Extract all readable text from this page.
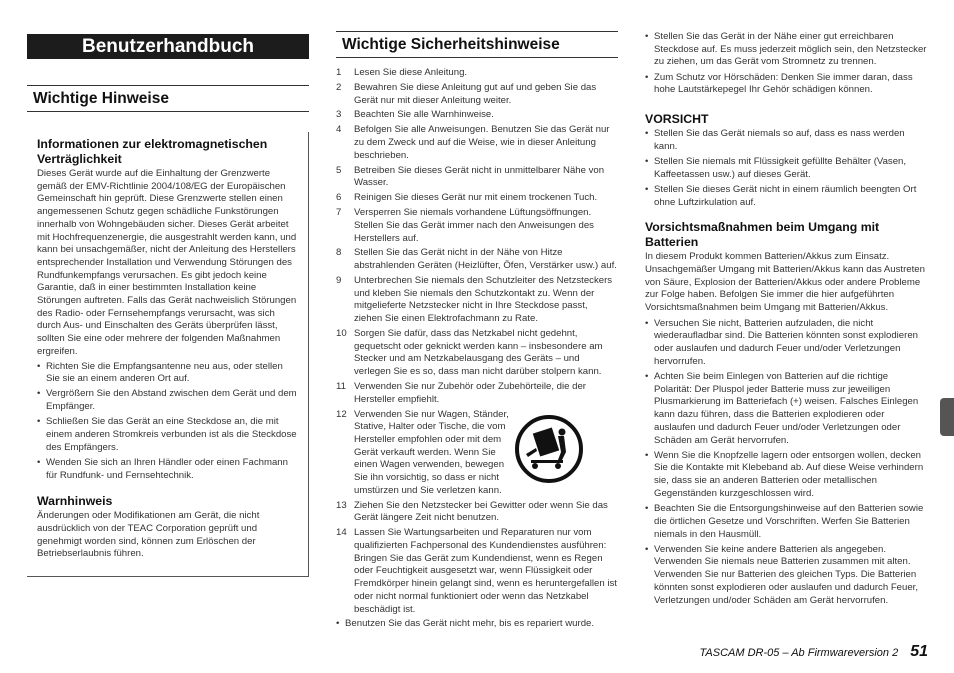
Benutzerhandbuch
Wichtige Hinweise

Informationen zur elektromagnetischen Verträglichkeit

Dieses Gerät wurde auf die Einhaltung der Grenzwerte gemäß der EMV-Richtlinie 2004/108/EG der Europäischen Gemeinschaft hin geprüft. Diese Grenzwerte stellen einen angemessenen Schutz gegen schädliche Funkstörungen innerhalb von Wohngebäuden sicher. Dieses Gerät arbeitet mit Hochfrequenzenergie, die ausgestrahlt werden kann, und kann bei unsachgemäßer, nicht der Anleitung des Herstellers entsprechender Installation und Verwendung Störungen des Rundfunkempfangs verursachen. Es gibt jedoch keine Garantie, daß in einer bestimmten Installation keine Störungen auftreten. Falls das Gerät nachweislich Störungen des Radio- oder Fernsehempfangs verursacht, was sich durch Aus- und Einschalten des Geräts überprüfen lässt, sollten Sie eine oder mehrere der folgenden Maßnahmen ergreifen.

• Richten Sie die Empfangsantenne neu aus, oder stellen Sie sie an einem anderen Ort auf.
• Vergrößern Sie den Abstand zwischen dem Gerät und dem Empfänger.
• Schließen Sie das Gerät an eine Steckdose an, die mit einem anderen Stromkreis verbunden ist als die Steckdose des Empfängers.
• Wenden Sie sich an Ihren Händler oder einen Fachmann für Rundfunk- und Fernsehtechnik.

Warnhinweis

Änderungen oder Modifikationen am Gerät, die nicht ausdrücklich von der TEAC Corporation geprüft und genehmigt worden sind, können zum Erlöschen der Betriebserlaubnis führen.

Wichtige Sicherheitshinweise
1 Lesen Sie diese Anleitung.
2 Bewahren Sie diese Anleitung gut auf und geben Sie das Gerät nur mit dieser Anleitung weiter.
3 Beachten Sie alle Warnhinweise.
4 Befolgen Sie alle Anweisungen. Benutzen Sie das Gerät nur zu dem Zweck und auf die Weise, wie in dieser Anleitung beschrieben.
5 Betreiben Sie dieses Gerät nicht in unmittelbarer Nähe von Wasser.
6 Reinigen Sie dieses Gerät nur mit einem trockenen Tuch.
7 Versperren Sie niemals vorhandene Lüftungsöffnungen. Stellen Sie das Gerät immer nach den Anweisungen des Herstellers auf.
8 Stellen Sie das Gerät nicht in der Nähe von Hitze abstrahlenden Geräten (Heizlüfter, Öfen, Verstärker usw.) auf.
9 Unterbrechen Sie niemals den Schutzleiter des Netzsteckers und kleben Sie niemals den Schutzkontakt zu. Wenn der mitgelieferte Netzstecker nicht in Ihre Steckdose passt, ziehen Sie einen Elektrofachmann zu Rate.
10 Sorgen Sie dafür, dass das Netzkabel nicht gedehnt, gequetscht oder geknickt werden kann – insbesondere am Stecker und am Netzkabelausgang des Geräts – und verlegen Sie es so, dass man nicht darüber stolpern kann.
11 Verwenden Sie nur Zubehör oder Zubehörteile, die der Hersteller empfiehlt.
12 Verwenden Sie nur Wagen, Ständer, Stative, Halter oder Tische, die vom Hersteller empfohlen oder mit dem Gerät verkauft werden. Wenn Sie einen Wagen verwenden, bewegen Sie ihn vorsichtig, so dass er nicht umstürzen und Sie verletzen kann.
13 Ziehen Sie den Netzstecker bei Gewitter oder wenn Sie das Gerät längere Zeit nicht benutzen.
14 Lassen Sie Wartungsarbeiten und Reparaturen nur vom qualifizierten Fachpersonal des Kundendienstes ausführen: Bringen Sie das Gerät zum Kundendienst, wenn es Regen oder Feuchtigkeit ausgesetzt war, wenn Flüssigkeit oder Fremdkörper hinein gelangt sind, wenn es heruntergefallen ist oder nicht normal funktioniert oder wenn das Netzkabel beschädigt ist.
• Benutzen Sie das Gerät nicht mehr, bis es repariert wurde.
• Stellen Sie das Gerät in der Nähe einer gut erreichbaren Steckdose auf. Es muss jederzeit möglich sein, den Netzstecker zu ziehen, um das Gerät vom Stromnetz zu trennen.
• Zum Schutz vor Hörschäden: Denken Sie immer daran, dass hohe Lautstärkepegel Ihr Gehör schädigen können.

VORSICHT

• Stellen Sie das Gerät niemals so auf, dass es nass werden kann.
• Stellen Sie niemals mit Flüssigkeit gefüllte Behälter (Vasen, Kaffeetassen usw.) auf dieses Gerät.
• Stellen Sie dieses Gerät nicht in einem räumlich beengten Ort ohne Luftzirkulation auf.

Vorsichtsmaßnahmen beim Umgang mit Batterien

In diesem Produkt kommen Batterien/Akkus zum Einsatz. Unsachgemäßer Umgang mit Batterien/Akkus kann das Austreten von Säure, Explosion der Batterien/Akkus oder andere Probleme zur Folge haben. Befolgen Sie immer die hier aufgeführten Vorsichtsmaßnahmen beim Umgang mit Batterien/Akkus.

• Versuchen Sie nicht, Batterien aufzuladen, die nicht wiederaufladbar sind. Die Batterien könnten sonst explodieren oder auslaufen und dadurch Feuer und/oder Verletzungen hervorrufen.
• Achten Sie beim Einlegen von Batterien auf die richtige Polarität: Der Pluspol jeder Batterie muss zur jeweiligen Plusmarkierung im Batteriefach (+) weisen. Falsches Einlegen kann dazu führen, dass die Batterien explodieren oder auslaufen und dadurch Feuer und/oder Verletzungen oder Schäden am Gerät hervorrufen.
• Wenn Sie die Knopfzelle lagern oder entsorgen wollen, decken Sie die Kontakte mit Klebeband ab. Auf diese Weise verhindern sie, dass sie an anderen Batterien oder metallischen Gegenständen kurzgeschlossen wird.
• Beachten Sie die Entsorgungshinweise auf den Batterien sowie die örtlichen Gesetze und Vorschriften. Werfen Sie Batterien niemals in den Hausmüll.
• Verwenden Sie keine andere Batterien als angegeben. Verwenden Sie niemals neue Batterien zusammen mit alten. Verwenden Sie nur Batterien des gleichen Typs. Die Batterien könnten sonst explodieren oder auslaufen und dadurch Feuer, Verletzungen und/oder Schäden am Gerät hervorrufen.
TASCAM DR-05 – Ab Firmwareversion 2 51
